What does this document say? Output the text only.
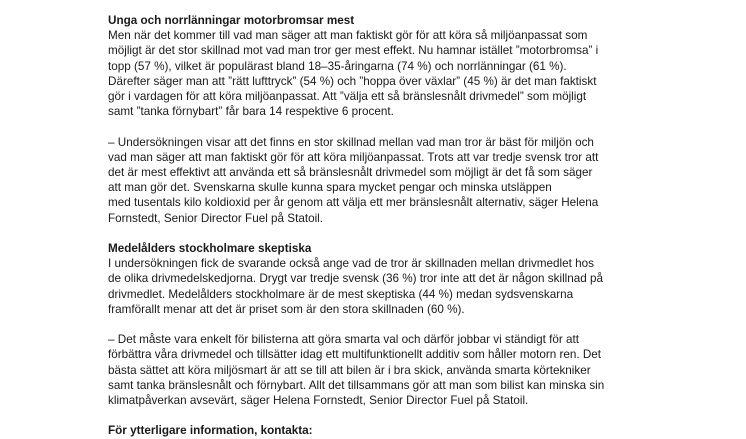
Unga och norrlänningar motorbromsar mest
Men när det kommer till vad man säger att man faktiskt gör för att köra så miljöanpassat som
möjligt är det stor skillnad mot vad man tror ger mest effekt. Nu hamnar istället ”motorbromsa” i
topp (57 %), vilket är populärast bland 18–35-åringarna (74 %) och norrlänningar (61 %).
Därefter säger man att ”rätt lufttryck” (54 %) och ”hoppa över växlar” (45 %) är det man faktiskt
gör i vardagen för att köra miljöanpassat. Att ”välja ett så bränslesnålt drivmedel” som möjligt
samt ”tanka förnybart” får bara 14 respektive 6 procent.
– Undersökningen visar att det finns en stor skillnad mellan vad man tror är bäst för miljön och
vad man säger att man faktiskt gör för att köra miljöanpassat. Trots att var tredje svensk tror att
det är mest effektivt att använda ett så bränslesnålt drivmedel som möjligt är det få som säger
att man gör det. Svenskarna skulle kunna spara mycket pengar och minska utsläppen
med tusentals kilo koldioxid per år genom att välja ett mer bränslesnålt alternativ, säger Helena
Fornstedt, Senior Director Fuel på Statoil.
Medelålders stockholmare skeptiska
I undersökningen fick de svarande också ange vad de tror är skillnaden mellan drivmedlet hos
de olika drivmedelskedjorna. Drygt var tredje svensk (36 %) tror inte att det är någon skillnad på
drivmedlet. Medelålders stockholmare är de mest skeptiska (44 %) medan sydsvenskarna
framförallt menar att det är priset som är den stora skillnaden (60 %).
– Det måste vara enkelt för bilisterna att göra smarta val och därför jobbar vi ständigt för att
förbättra våra drivmedel och tillsätter idag ett multifunktionellt additiv som håller motorn ren. Det
bästa sättet att köra miljösmart är att se till att bilen är i bra skick, använda smarta körtekniker
samt tanka bränslesnålt och förnybart. Allt det tillsammans gör att man som bilist kan minska sin
klimatpåverkan avsevärt, säger Helena Fornstedt, Senior Director Fuel på Statoil.
För ytterligare information, kontakta:
